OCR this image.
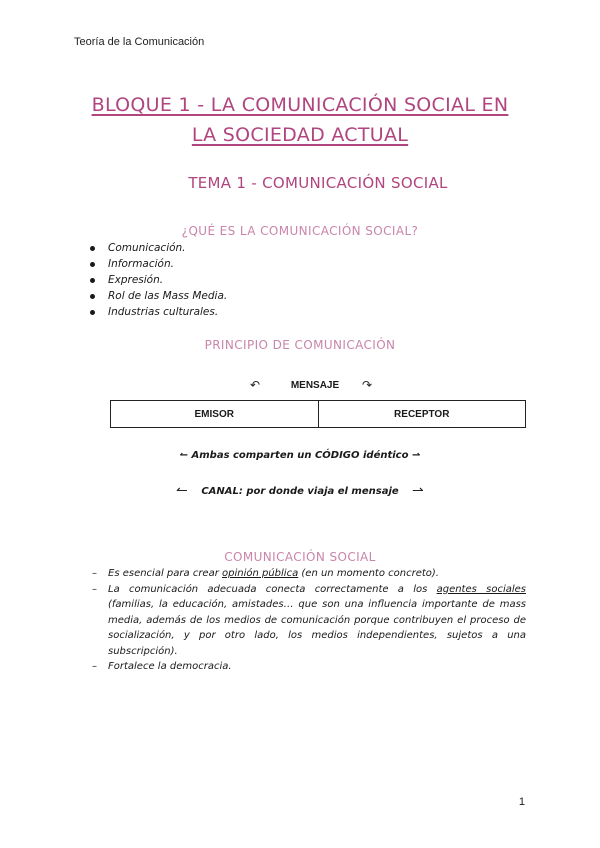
Teoría de la Comunicación
BLOQUE 1 - LA COMUNICACIÓN SOCIAL EN
LA SOCIEDAD ACTUAL
TEMA 1 - COMUNICACIÓN SOCIAL
¿QUÉ ES LA COMUNICACIÓN SOCIAL?
Comunicación.
Información.
Expresión.
Rol de las Mass Media.
Industrias culturales.
PRINCIPIO DE COMUNICACIÓN
↶	MENSAJE	↷
EMISOR	RECEPTOR
↼ Ambas comparten un CÓDIGO idéntico ⇀
↼	CANAL: por donde viaja el mensaje ⇀
COMUNICACIÓN SOCIAL
– Es esencial para crear opinión pública (en un momento concreto).
– La comunicación adecuada conecta correctamente a los agentes sociales (familias, la educación, amistades… que son una influencia importante de mass media, además de los medios de comunicación porque contribuyen el proceso de socialización, y por otro lado, los medios independientes, sujetos a una subscripción).
– Fortalece la democracia.
1
